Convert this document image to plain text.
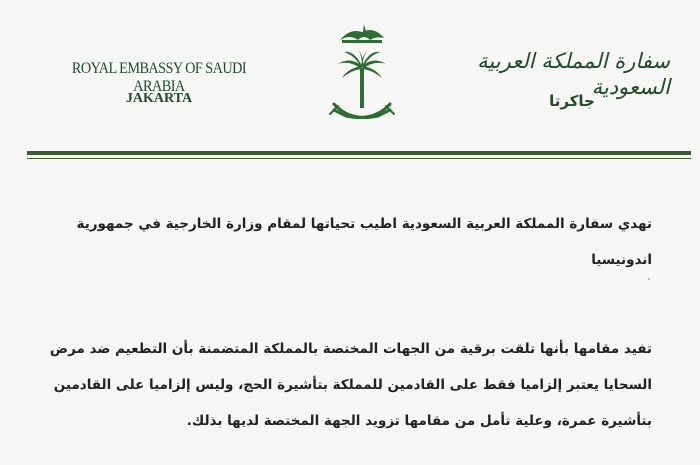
ROYAL EMBASSY OF SAUDI ARABIA
JAKARTA
سفارة المملكة العربية السعودية
جاكرتا
تهدي سفارة المملكة العربية السعودية اطيب تحياتها لمقام وزارة الخارجية في جمهورية
اندونيسيا
تفيد مقامها بأنها تلقت برقية من الجهات المختصة بالمملكة المتضمنة بأن التطعيم ضد مرض
السحايا يعتبر إلزاميا فقط على القادمين للمملكة بتأشيرة الحج، وليس إلزاميا على القادمين
بتأشيرة عمرة، وعلية تأمل من مقامها تزويد الجهة المختصة لديها بذلك.
